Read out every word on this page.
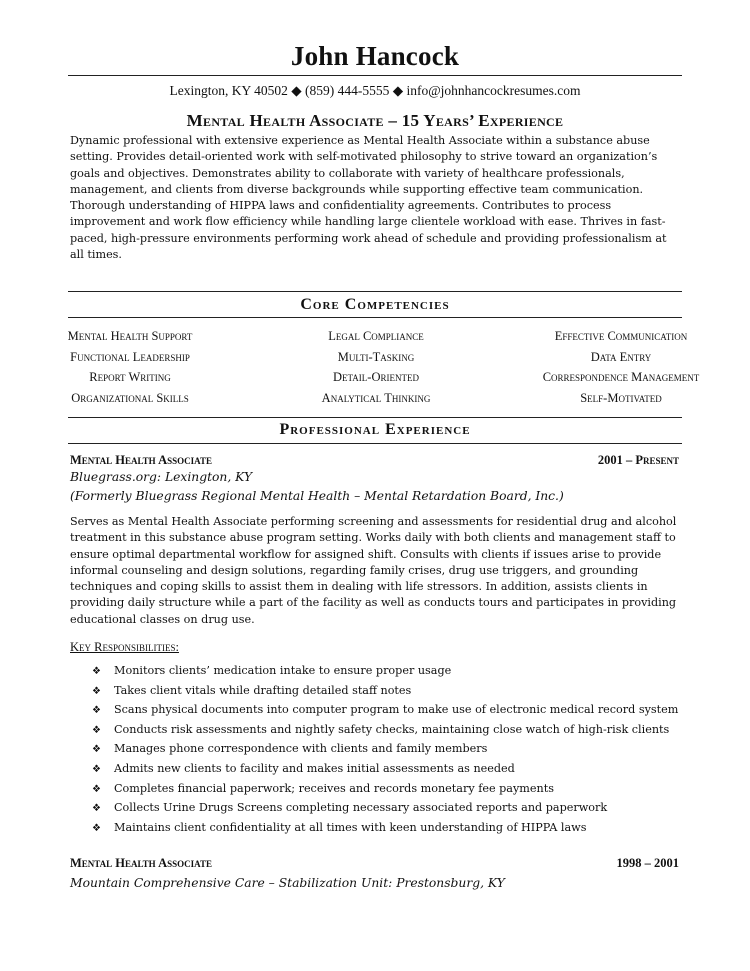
John Hancock
Lexington, KY 40502 ◆ (859) 444-5555 ◆ info@johnhancockresumes.com
Mental Health Associate – 15 Years’ Experience
Dynamic professional with extensive experience as Mental Health Associate within a substance abuse setting. Provides detail-oriented work with self-motivated philosophy to strive toward an organization’s goals and objectives. Demonstrates ability to collaborate with variety of healthcare professionals, management, and clients from diverse backgrounds while supporting effective team communication. Thorough understanding of HIPPA laws and confidentiality agreements. Contributes to process improvement and work flow efficiency while handling large clientele workload with ease. Thrives in fast-paced, high-pressure environments performing work ahead of schedule and providing professionalism at all times.
Core Competencies
Mental Health Support
Functional Leadership
Report Writing
Organizational Skills
Legal Compliance
Multi-Tasking
Detail-Oriented
Analytical Thinking
Effective Communication
Data Entry
Correspondence Management
Self-Motivated
Professional Experience
Mental Health Associate	2001 – Present
Bluegrass.org: Lexington, KY
(Formerly Bluegrass Regional Mental Health – Mental Retardation Board, Inc.)
Serves as Mental Health Associate performing screening and assessments for residential drug and alcohol treatment in this substance abuse program setting. Works daily with both clients and management staff to ensure optimal departmental workflow for assigned shift. Consults with clients if issues arise to provide informal counseling and design solutions, regarding family crises, drug use triggers, and grounding techniques and coping skills to assist them in dealing with life stressors. In addition, assists clients in providing daily structure while a part of the facility as well as conducts tours and participates in providing educational classes on drug use.
Key Responsibilities:
❖ Monitors clients’ medication intake to ensure proper usage
❖ Takes client vitals while drafting detailed staff notes
❖ Scans physical documents into computer program to make use of electronic medical record system
❖ Conducts risk assessments and nightly safety checks, maintaining close watch of high-risk clients
❖ Manages phone correspondence with clients and family members
❖ Admits new clients to facility and makes initial assessments as needed
❖ Completes financial paperwork; receives and records monetary fee payments
❖ Collects Urine Drugs Screens completing necessary associated reports and paperwork
❖ Maintains client confidentiality at all times with keen understanding of HIPPA laws
Mental Health Associate	1998 – 2001
Mountain Comprehensive Care – Stabilization Unit: Prestonsburg, KY
